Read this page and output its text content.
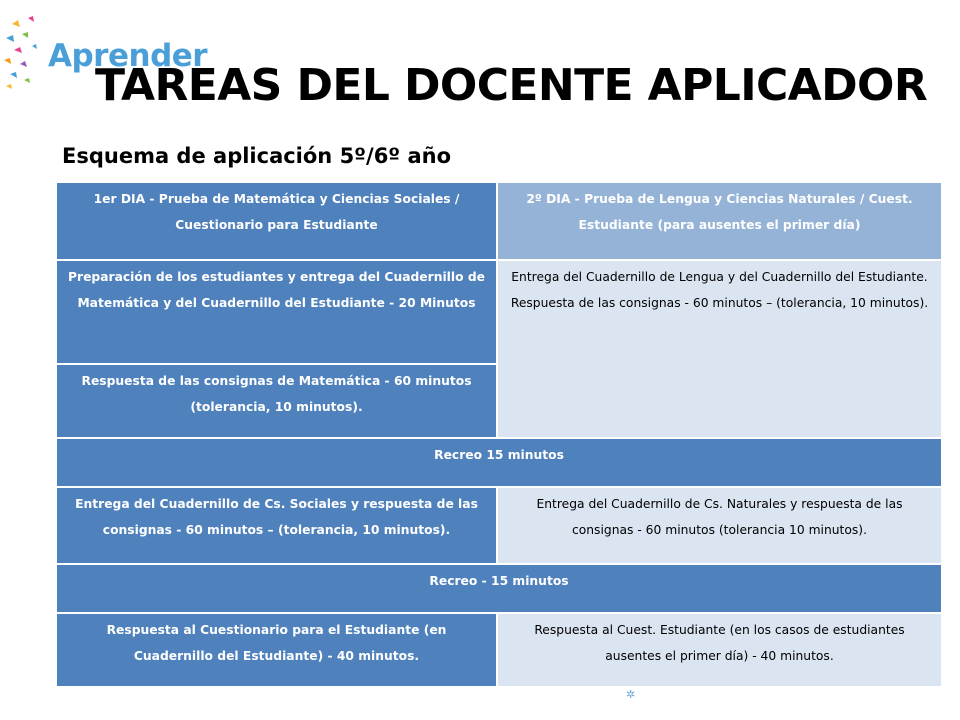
Aprender
TAREAS DEL DOCENTE APLICADOR
Esquema de aplicación 5º/6º año
1er DIA - Prueba de Matemática y Ciencias Sociales / Cuestionario para Estudiante	2º DIA - Prueba de Lengua y Ciencias Naturales / Cuest. Estudiante (para ausentes el primer día)
Preparación de los estudiantes y entrega del Cuadernillo de Matemática y del Cuadernillo del Estudiante - 20 Minutos	Entrega del Cuadernillo de Lengua y del Cuadernillo del Estudiante. Respuesta de las consignas - 60 minutos – (tolerancia, 10 minutos).
Respuesta de las consignas de Matemática - 60 minutos (tolerancia, 10 minutos).	
Recreo 15 minutos	
Entrega del Cuadernillo de Cs. Sociales y respuesta de las consignas - 60 minutos – (tolerancia, 10 minutos).	Entrega del Cuadernillo de Cs. Naturales y respuesta de las consignas - 60 minutos (tolerancia 10 minutos).
Recreo - 15 minutos	
Respuesta al Cuestionario para el Estudiante (en Cuadernillo del Estudiante) - 40 minutos.	Respuesta al Cuest. Estudiante (en los casos de estudiantes ausentes el primer día) - 40 minutos.
✲
